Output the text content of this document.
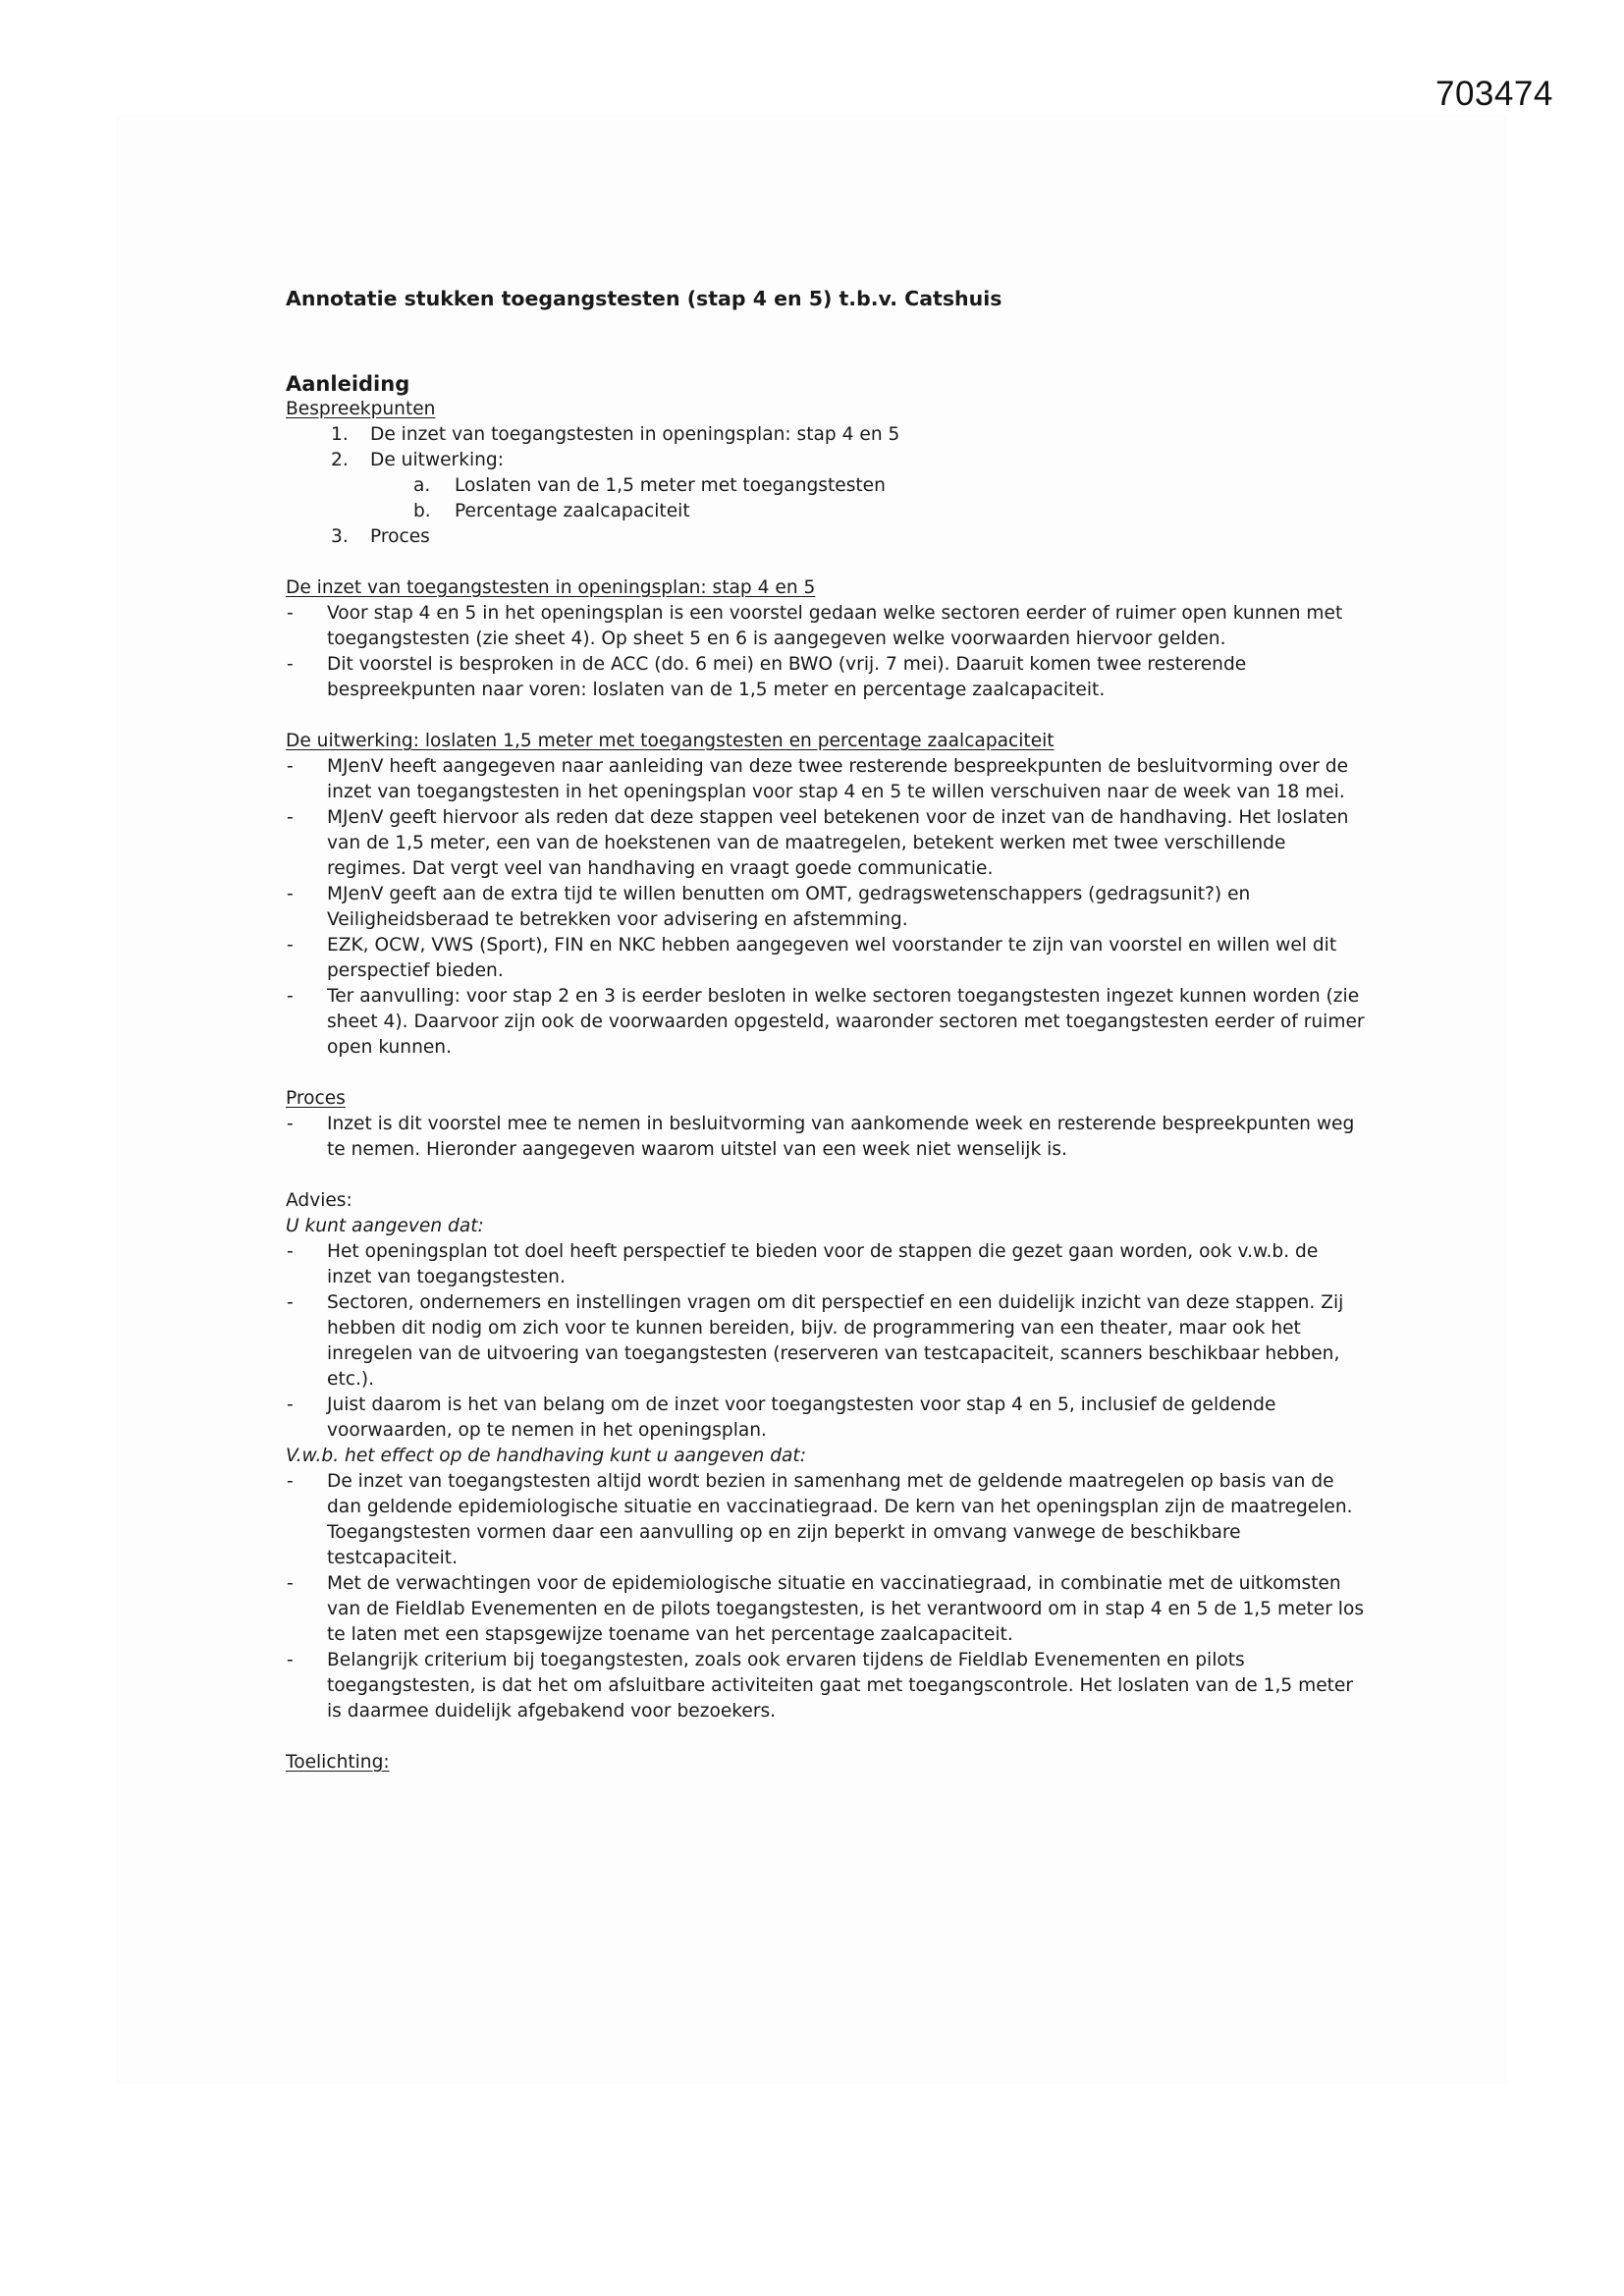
703474
Annotatie stukken toegangstesten (stap 4 en 5) t.b.v. Catshuis
Aanleiding
Bespreekpunten
1. De inzet van toegangstesten in openingsplan: stap 4 en 5
2. De uitwerking:
a. Loslaten van de 1,5 meter met toegangstesten
b. Percentage zaalcapaciteit
3. Proces
De inzet van toegangstesten in openingsplan: stap 4 en 5
- Voor stap 4 en 5 in het openingsplan is een voorstel gedaan welke sectoren eerder of ruimer open kunnen met toegangstesten (zie sheet 4). Op sheet 5 en 6 is aangegeven welke voorwaarden hiervoor gelden.
- Dit voorstel is besproken in de ACC (do. 6 mei) en BWO (vrij. 7 mei). Daaruit komen twee resterende bespreekpunten naar voren: loslaten van de 1,5 meter en percentage zaalcapaciteit.
De uitwerking: loslaten 1,5 meter met toegangstesten en percentage zaalcapaciteit
- MJenV heeft aangegeven naar aanleiding van deze twee resterende bespreekpunten de besluitvorming over de inzet van toegangstesten in het openingsplan voor stap 4 en 5 te willen verschuiven naar de week van 18 mei.
- MJenV geeft hiervoor als reden dat deze stappen veel betekenen voor de inzet van de handhaving. Het loslaten van de 1,5 meter, een van de hoekstenen van de maatregelen, betekent werken met twee verschillende regimes. Dat vergt veel van handhaving en vraagt goede communicatie.
- MJenV geeft aan de extra tijd te willen benutten om OMT, gedragswetenschappers (gedragsunit?) en Veiligheidsberaad te betrekken voor advisering en afstemming.
- EZK, OCW, VWS (Sport), FIN en NKC hebben aangegeven wel voorstander te zijn van voorstel en willen wel dit perspectief bieden.
- Ter aanvulling: voor stap 2 en 3 is eerder besloten in welke sectoren toegangstesten ingezet kunnen worden (zie sheet 4). Daarvoor zijn ook de voorwaarden opgesteld, waaronder sectoren met toegangstesten eerder of ruimer open kunnen.
Proces
- Inzet is dit voorstel mee te nemen in besluitvorming van aankomende week en resterende bespreekpunten weg te nemen. Hieronder aangegeven waarom uitstel van een week niet wenselijk is.
Advies:
U kunt aangeven dat:
- Het openingsplan tot doel heeft perspectief te bieden voor de stappen die gezet gaan worden, ook v.w.b. de inzet van toegangstesten.
- Sectoren, ondernemers en instellingen vragen om dit perspectief en een duidelijk inzicht van deze stappen. Zij hebben dit nodig om zich voor te kunnen bereiden, bijv. de programmering van een theater, maar ook het inregelen van de uitvoering van toegangstesten (reserveren van testcapaciteit, scanners beschikbaar hebben, etc.).
- Juist daarom is het van belang om de inzet voor toegangstesten voor stap 4 en 5, inclusief de geldende voorwaarden, op te nemen in het openingsplan.
V.w.b. het effect op de handhaving kunt u aangeven dat:
- De inzet van toegangstesten altijd wordt bezien in samenhang met de geldende maatregelen op basis van de dan geldende epidemiologische situatie en vaccinatiegraad. De kern van het openingsplan zijn de maatregelen. Toegangstesten vormen daar een aanvulling op en zijn beperkt in omvang vanwege de beschikbare testcapaciteit.
- Met de verwachtingen voor de epidemiologische situatie en vaccinatiegraad, in combinatie met de uitkomsten van de Fieldlab Evenementen en de pilots toegangstesten, is het verantwoord om in stap 4 en 5 de 1,5 meter los te laten met een stapsgewijze toename van het percentage zaalcapaciteit.
- Belangrijk criterium bij toegangstesten, zoals ook ervaren tijdens de Fieldlab Evenementen en pilots toegangstesten, is dat het om afsluitbare activiteiten gaat met toegangscontrole. Het loslaten van de 1,5 meter is daarmee duidelijk afgebakend voor bezoekers.
Toelichting:
